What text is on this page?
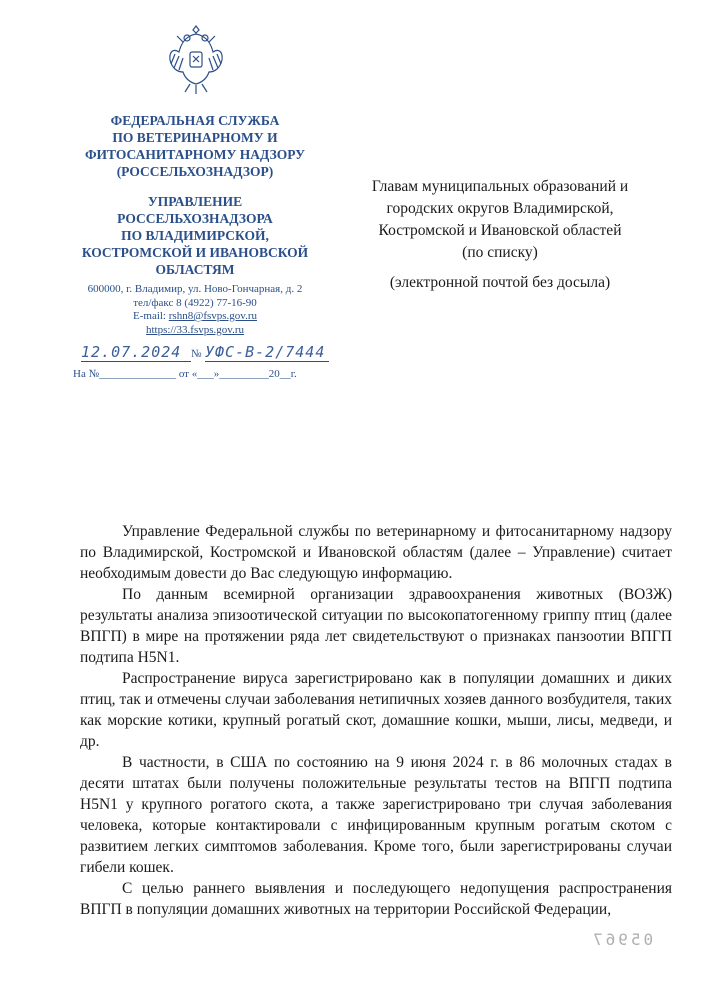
ФЕДЕРАЛЬНАЯ СЛУЖБА
ПО ВЕТЕРИНАРНОМУ И
ФИТОСАНИТАРНОМУ НАДЗОРУ
(РОССЕЛЬХОЗНАДЗОР)
УПРАВЛЕНИЕ
РОССЕЛЬХОЗНАДЗОРА
ПО ВЛАДИМИРСКОЙ,
КОСТРОМСКОЙ И ИВАНОВСКОЙ
ОБЛАСТЯМ
600000, г. Владимир, ул. Ново-Гончарная, д. 2
тел/факс 8 (4922) 77-16-90
E-mail: rshn8@fsvps.gov.ru
https://33.fsvps.gov.ru
12.07.2024 № УФС-В-2/7444
На №______________ от «___»_________20__г.
Главам муниципальных образований и
городских округов Владимирской,
Костромской и Ивановской областей
(по списку)
(электронной почтой без досыла)

Управление Федеральной службы по ветеринарному и фитосанитарному надзору по Владимирской, Костромской и Ивановской областям (далее – Управление) считает необходимым довести до Вас следующую информацию.

По данным всемирной организации здравоохранения животных (ВОЗЖ) результаты анализа эпизоотической ситуации по высокопатогенному гриппу птиц (далее ВПГП) в мире на протяжении ряда лет свидетельствуют о признаках панзоотии ВПГП подтипа H5N1.

Распространение вируса зарегистрировано как в популяции домашних и диких птиц, так и отмечены случаи заболевания нетипичных хозяев данного возбудителя, таких как морские котики, крупный рогатый скот, домашние кошки, мыши, лисы, медведи, и др.

В частности, в США по состоянию на 9 июня 2024 г. в 86 молочных стадах в десяти штатах были получены положительные результаты тестов на ВПГП подтипа H5N1 у крупного рогатого скота, а также зарегистрировано три случая заболевания человека, которые контактировали с инфицированным крупным рогатым скотом с развитием легких симптомов заболевания. Кроме того, были зарегистрированы случаи гибели кошек.

С целью раннего выявления и последующего недопущения распространения ВПГП в популяции домашних животных на территории Российской Федерации,

05967
